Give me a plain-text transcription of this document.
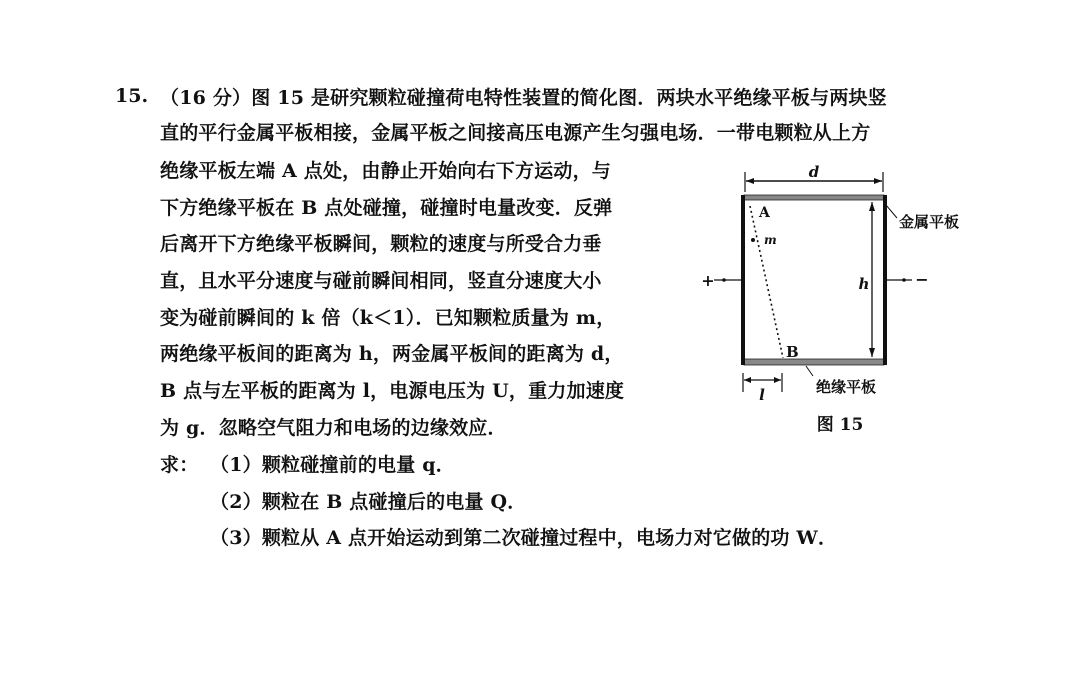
15. （16 分）图 15 是研究颗粒碰撞荷电特性装置的简化图．两块水平绝缘平板与两块竖
直的平行金属平板相接，金属平板之间接高压电源产生匀强电场．一带电颗粒从上方
绝缘平板左端 A 点处，由静止开始向右下方运动，与
下方绝缘平板在 B 点处碰撞，碰撞时电量改变．反弹
后离开下方绝缘平板瞬间，颗粒的速度与所受合力垂
直，且水平分速度与碰前瞬间相同，竖直分速度大小
变为碰前瞬间的 k 倍（k＜1）．已知颗粒质量为 m，
两绝缘平板间的距离为 h，两金属平板间的距离为 d，
B 点与左平板的距离为 l，电源电压为 U，重力加速度
为 g．忽略空气阻力和电场的边缘效应．
求： （1）颗粒碰撞前的电量 q．
（2）颗粒在 B 点碰撞后的电量 Q．
（3）颗粒从 A 点开始运动到第二次碰撞过程中，电场力对它做的功 W．
d
+	−
h
m
A
B
l
金属平板
绝缘平板
图 15
